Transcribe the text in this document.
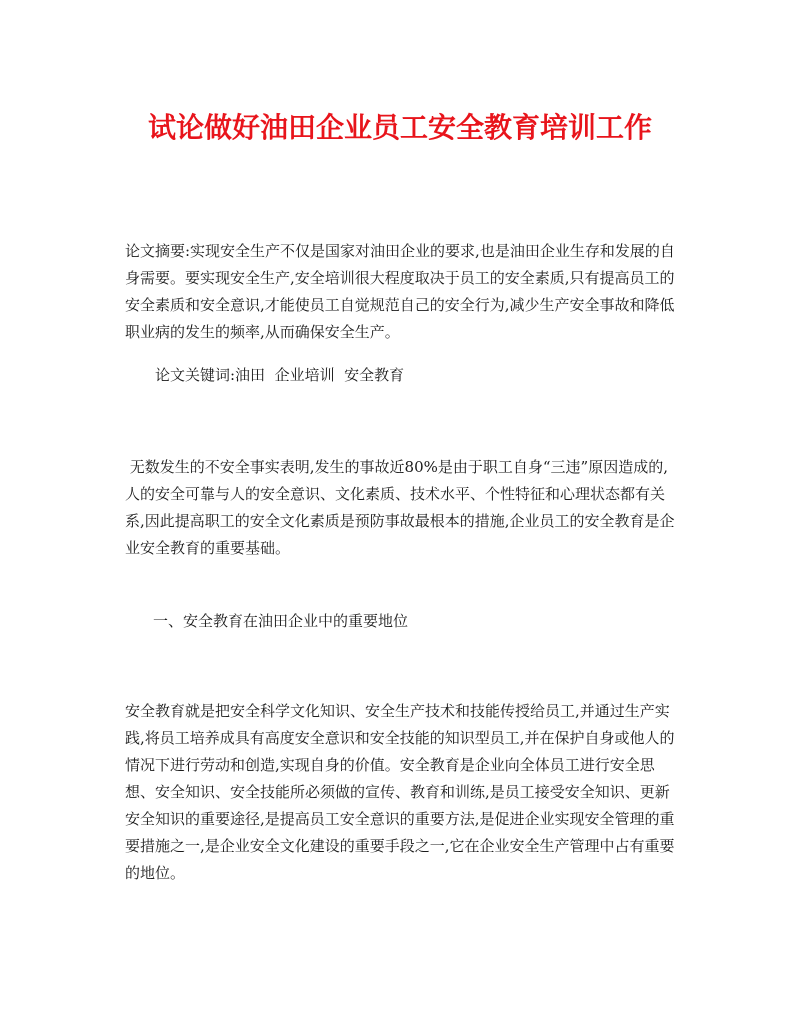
试论做好油田企业员工安全教育培训工作
论文摘要:实现安全生产不仅是国家对油田企业的要求,也是油田企业生存和发展的自身需要。要实现安全生产,安全培训很大程度取决于员工的安全素质,只有提高员工的安全素质和安全意识,才能使员工自觉规范自己的安全行为,减少生产安全事故和降低职业病的发生的频率,从而确保安全生产。
论文关键词:油田  企业培训  安全教育
无数发生的不安全事实表明,发生的事故近80%是由于职工自身“三违”原因造成的,人的安全可靠与人的安全意识、文化素质、技术水平、个性特征和心理状态都有关系,因此提高职工的安全文化素质是预防事故最根本的措施,企业员工的安全教育是企业安全教育的重要基础。
一、安全教育在油田企业中的重要地位
安全教育就是把安全科学文化知识、安全生产技术和技能传授给员工,并通过生产实践,将员工培养成具有高度安全意识和安全技能的知识型员工,并在保护自身或他人的情况下进行劳动和创造,实现自身的价值。安全教育是企业向全体员工进行安全思想、安全知识、安全技能所必须做的宣传、教育和训练,是员工接受安全知识、更新安全知识的重要途径,是提高员工安全意识的重要方法,是促进企业实现安全管理的重要措施之一,是企业安全文化建设的重要手段之一,它在企业安全生产管理中占有重要的地位。
